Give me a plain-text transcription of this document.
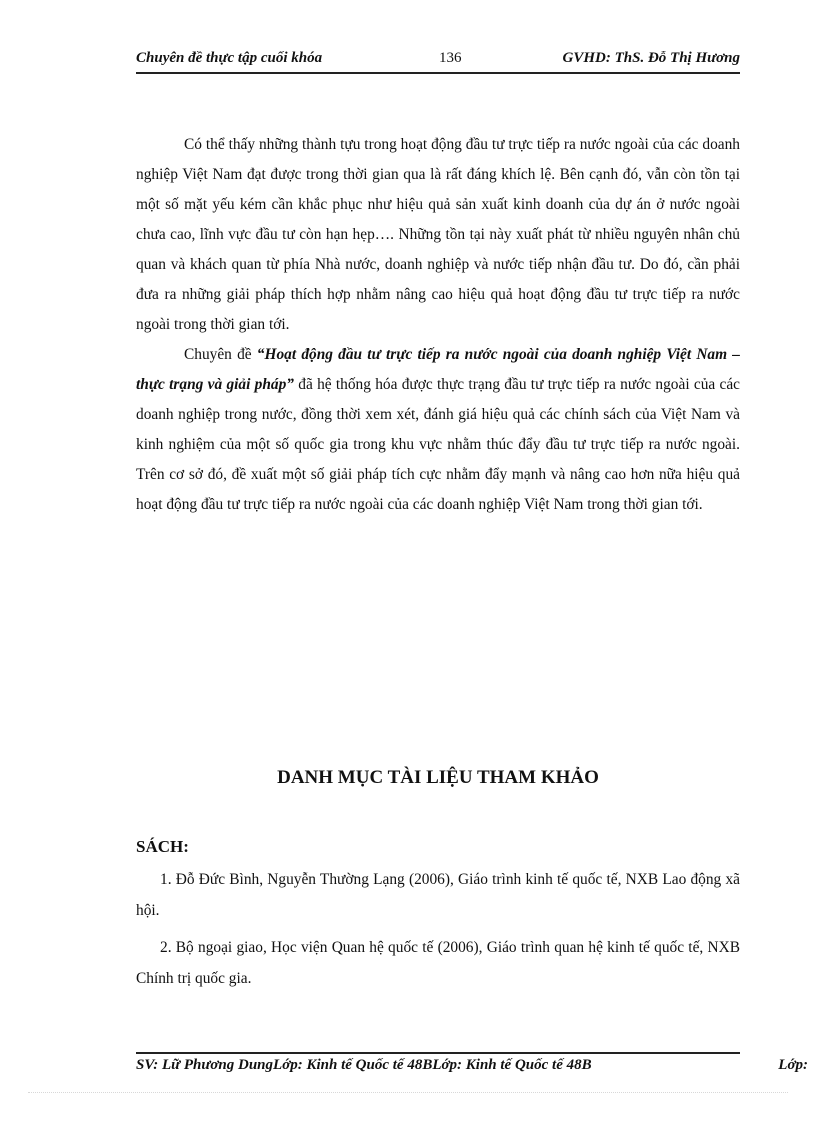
Chuyên đề thực tập cuối khóa	136	GVHD: ThS. Đỗ Thị Hương

Có thể thấy những thành tựu trong hoạt động đầu tư trực tiếp ra nước ngoài của các doanh nghiệp Việt Nam đạt được trong thời gian qua là rất đáng khích lệ. Bên cạnh đó, vẫn còn tồn tại một số mặt yếu kém cần khắc phục như hiệu quả sản xuất kinh doanh của dự án ở nước ngoài chưa cao, lĩnh vực đầu tư còn hạn hẹp…. Những tồn tại này xuất phát từ nhiều nguyên nhân chủ quan và khách quan từ phía Nhà nước, doanh nghiệp và nước tiếp nhận đầu tư. Do đó, cần phải đưa ra những giải pháp thích hợp nhằm nâng cao hiệu quả hoạt động đầu tư trực tiếp ra nước ngoài trong thời gian tới.

Chuyên đề “Hoạt động đầu tư trực tiếp ra nước ngoài của doanh nghiệp Việt Nam – thực trạng và giải pháp” đã hệ thống hóa được thực trạng đầu tư trực tiếp ra nước ngoài của các doanh nghiệp trong nước, đồng thời xem xét, đánh giá hiệu quả các chính sách của Việt Nam và kinh nghiệm của một số quốc gia trong khu vực nhằm thúc đẩy đầu tư trực tiếp ra nước ngoài. Trên cơ sở đó, đề xuất một số giải pháp tích cực nhằm đẩy mạnh và nâng cao hơn nữa hiệu quả hoạt động đầu tư trực tiếp ra nước ngoài của các doanh nghiệp Việt Nam trong thời gian tới.

DANH MỤC TÀI LIỆU THAM KHẢO
SÁCH:

1. Đỗ Đức Bình, Nguyễn Thường Lạng (2006), Giáo trình kinh tế quốc tế, NXB Lao động xã hội.

2. Bộ ngoại giao, Học viện Quan hệ quốc tế (2006), Giáo trình quan hệ kinh tế quốc tế, NXB Chính trị quốc gia.

SV: Lữ Phương DungLớp: Kinh tế Quốc tế 48BLớp: Kinh tế Quốc tế 48B	Lớp:
